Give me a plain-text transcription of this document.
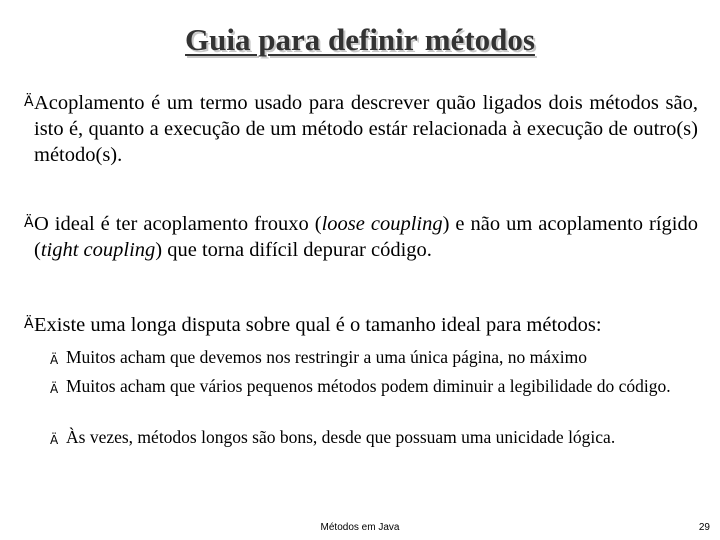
Guia para definir métodos
Ä Acoplamento é um termo usado para descrever quão ligados dois métodos são, isto é, quanto a execução de um método estár relacionada à execução de outro(s) método(s).
Ä O ideal é ter acoplamento frouxo (loose coupling) e não um acoplamento rígido (tight coupling) que torna difícil depurar código.
Ä Existe uma longa disputa sobre qual é o tamanho ideal para métodos:
Ä Muitos acham que devemos nos restringir a uma única página, no máximo
Ä Muitos acham que vários pequenos métodos podem diminuir a legibilidade do código.
Ä Às vezes, métodos longos são bons, desde que possuam uma unicidade lógica.
Métodos em Java	29
